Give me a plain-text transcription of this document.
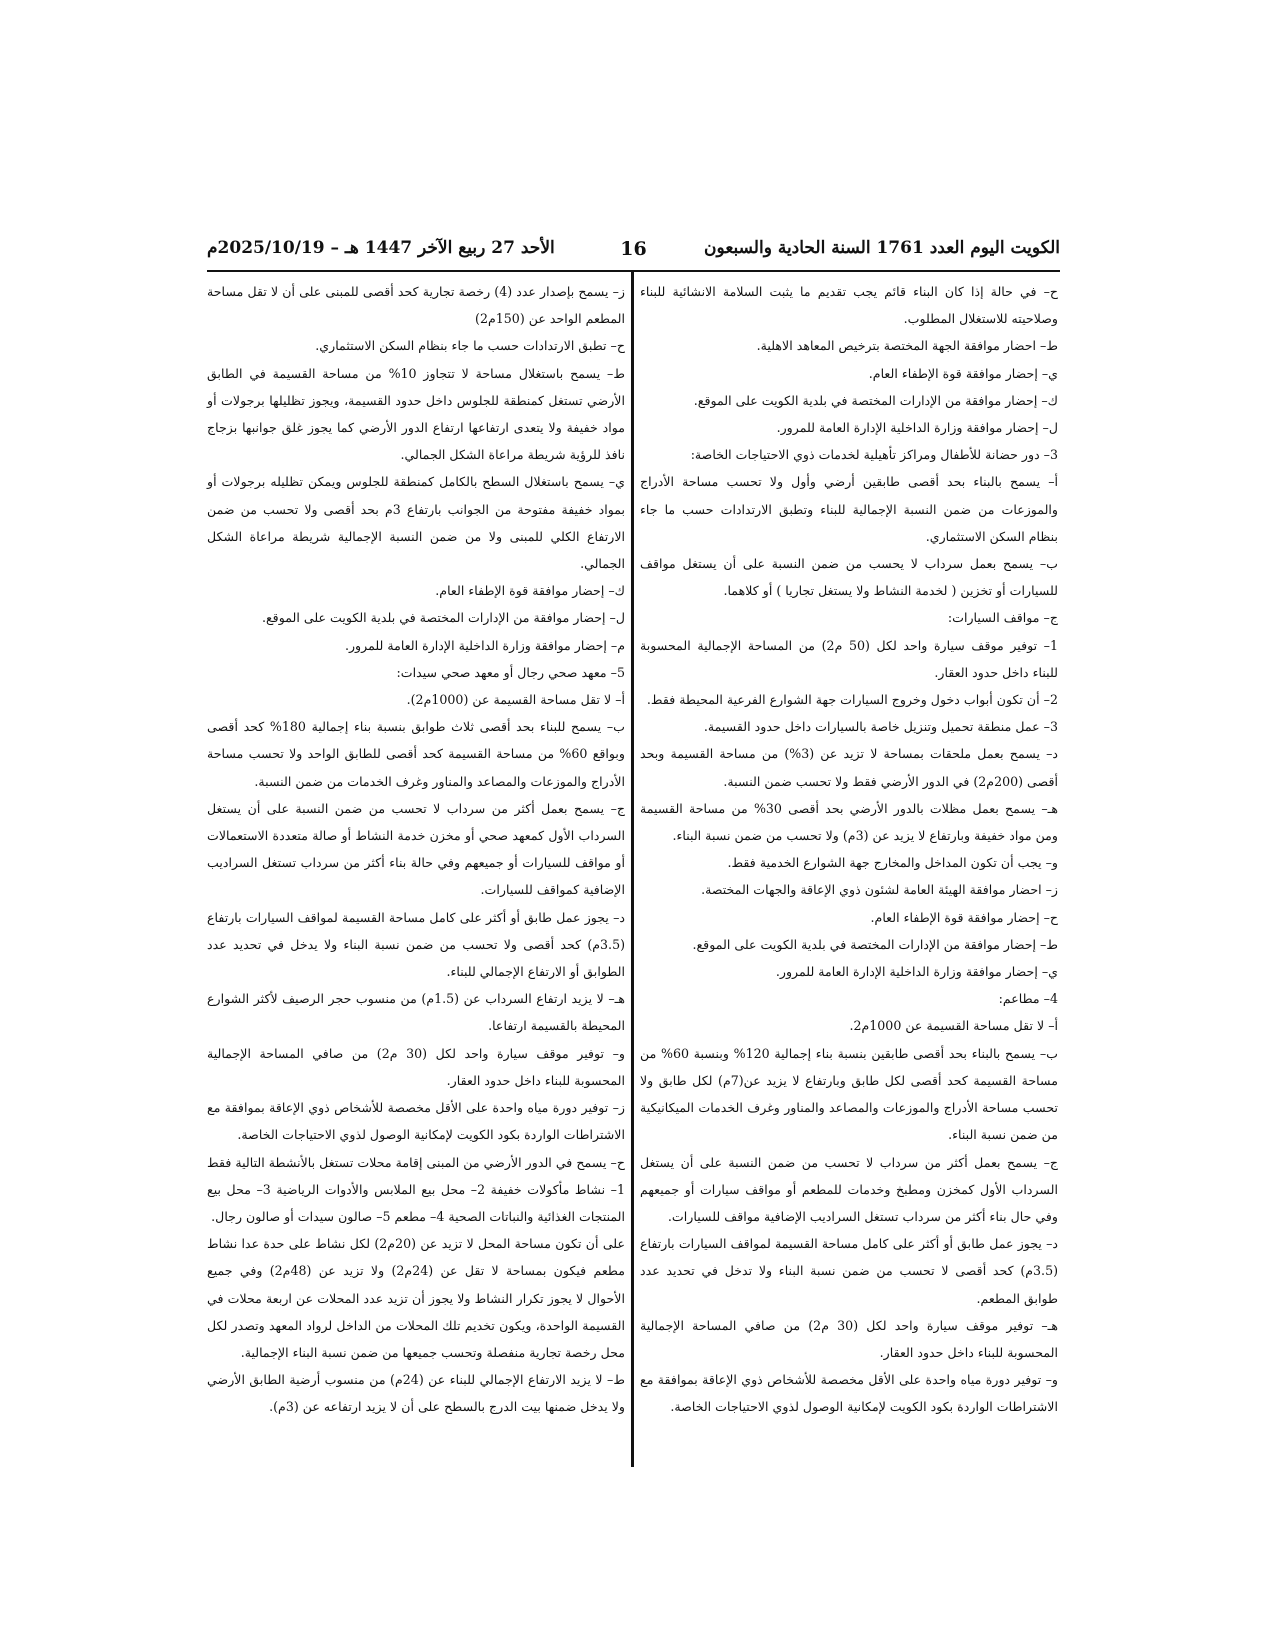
الكويت اليوم العدد 1761 السنة الحادية والسبعون
16
الأحد 27 ربيع الآخر 1447 هـ – 2025/10/19م

ح– في حالة إذا كان البناء قائم يجب تقديم ما يثبت السلامة الانشائية للبناء وصلاحيته للاستغلال المطلوب.

ط– احضار موافقة الجهة المختصة بترخيص المعاهد الاهلية.

ي– إحضار موافقة قوة الإطفاء العام.

ك– إحضار موافقة من الإدارات المختصة في بلدية الكويت على الموقع.

ل– إحضار موافقة وزارة الداخلية الإدارة العامة للمرور.

3– دور حضانة للأطفال ومراكز تأهيلية لخدمات ذوي الاحتياجات الخاصة:

أ– يسمح بالبناء بحد أقصى طابقين أرضي وأول ولا تحسب مساحة الأدراج والموزعات من ضمن النسبة الإجمالية للبناء وتطبق الارتدادات حسب ما جاء بنظام السكن الاستثماري.

ب– يسمح بعمل سرداب لا يحسب من ضمن النسبة على أن يستغل مواقف للسيارات أو تخزين ( لخدمة النشاط ولا يستغل تجاريا ) أو كلاهما.

ج– مواقف السيارات:

1– توفير موقف سيارة واحد لكل (50 م2) من المساحة الإجمالية المحسوبة للبناء داخل حدود العقار.

2– أن تكون أبواب دخول وخروج السيارات جهة الشوارع الفرعية المحيطة فقط.

3– عمل منطقة تحميل وتنزيل خاصة بالسيارات داخل حدود القسيمة.

د– يسمح بعمل ملحقات بمساحة لا تزيد عن (3%) من مساحة القسيمة وبحد أقصى (200م2) في الدور الأرضي فقط ولا تحسب ضمن النسبة.

هـ– يسمح بعمل مظلات بالدور الأرضي بحد أقصى 30% من مساحة القسيمة ومن مواد خفيفة وبارتفاع لا يزيد عن (3م) ولا تحسب من ضمن نسبة البناء.

و– يجب أن تكون المداخل والمخارج جهة الشوارع الخدمية فقط.

ز– احضار موافقة الهيئة العامة لشئون ذوي الإعاقة والجهات المختصة.

ح– إحضار موافقة قوة الإطفاء العام.

ط– إحضار موافقة من الإدارات المختصة في بلدية الكويت على الموقع.

ي– إحضار موافقة وزارة الداخلية الإدارة العامة للمرور.

4– مطاعم:

أ– لا تقل مساحة القسيمة عن 1000م2.

ب– يسمح بالبناء بحد أقصى طابقين بنسبة بناء إجمالية 120% وبنسبة 60% من مساحة القسيمة كحد أقصى لكل طابق وبارتفاع لا يزيد عن(7م) لكل طابق ولا تحسب مساحة الأدراج والموزعات والمصاعد والمناور وغرف الخدمات الميكانيكية من ضمن نسبة البناء.

ج– يسمح بعمل أكثر من سرداب لا تحسب من ضمن النسبة على أن يستغل السرداب الأول كمخزن ومطبخ وخدمات للمطعم أو مواقف سيارات أو جميعهم وفي حال بناء أكثر من سرداب تستغل السراديب الإضافية مواقف للسيارات.

د– يجوز عمل طابق أو أكثر على كامل مساحة القسيمة لمواقف السيارات بارتفاع (3.5م) كحد أقصى لا تحسب من ضمن نسبة البناء ولا تدخل في تحديد عدد طوابق المطعم.

هـ– توفير موقف سيارة واحد لكل (30 م2) من صافي المساحة الإجمالية المحسوبة للبناء داخل حدود العقار.

و– توفير دورة مياه واحدة على الأقل مخصصة للأشخاص ذوي الإعاقة بموافقة مع الاشتراطات الواردة بكود الكويت لإمكانية الوصول لذوي الاحتياجات الخاصة.

ز– يسمح بإصدار عدد (4) رخصة تجارية كحد أقصى للمبنى على أن لا تقل مساحة المطعم الواحد عن (150م2)

ح– تطبق الارتدادات حسب ما جاء بنظام السكن الاستثماري.

ط– يسمح باستغلال مساحة لا تتجاوز 10% من مساحة القسيمة في الطابق الأرضي تستغل كمنطقة للجلوس داخل حدود القسيمة، ويجوز تظليلها برجولات أو مواد خفيفة ولا يتعدى ارتفاعها ارتفاع الدور الأرضي كما يجوز غلق جوانبها بزجاج نافذ للرؤية شريطة مراعاة الشكل الجمالي.

ي– يسمح باستغلال السطح بالكامل كمنطقة للجلوس ويمكن تظليله برجولات أو بمواد خفيفة مفتوحة من الجوانب بارتفاع 3م بحد أقصى ولا تحسب من ضمن الارتفاع الكلي للمبنى ولا من ضمن النسبة الإجمالية شريطة مراعاة الشكل الجمالي.

ك– إحضار موافقة قوة الإطفاء العام.

ل– إحضار موافقة من الإدارات المختصة في بلدية الكويت على الموقع.

م– إحضار موافقة وزارة الداخلية الإدارة العامة للمرور.

5– معهد صحي رجال أو معهد صحي سيدات:

أ– لا تقل مساحة القسيمة عن (1000م2).

ب– يسمح للبناء بحد أقصى ثلاث طوابق بنسبة بناء إجمالية 180% كحد أقصى وبواقع 60% من مساحة القسيمة كحد أقصى للطابق الواحد ولا تحسب مساحة الأدراج والموزعات والمصاعد والمناور وغرف الخدمات من ضمن النسبة.

ج– يسمح بعمل أكثر من سرداب لا تحسب من ضمن النسبة على أن يستغل السرداب الأول كمعهد صحي أو مخزن خدمة النشاط أو صالة متعددة الاستعمالات أو مواقف للسيارات أو جميعهم وفي حالة بناء أكثر من سرداب تستغل السراديب الإضافية كمواقف للسيارات.

د– يجوز عمل طابق أو أكثر على كامل مساحة القسيمة لمواقف السيارات بارتفاع (3.5م) كحد أقصى ولا تحسب من ضمن نسبة البناء ولا يدخل في تحديد عدد الطوابق أو الارتفاع الإجمالي للبناء.

هـ– لا يزيد ارتفاع السرداب عن (1.5م) من منسوب حجر الرصيف لأكثر الشوارع المحيطة بالقسيمة ارتفاعا.

و– توفير موقف سيارة واحد لكل (30 م2) من صافي المساحة الإجمالية المحسوبة للبناء داخل حدود العقار.

ز– توفير دورة مياه واحدة على الأقل مخصصة للأشخاص ذوي الإعاقة بموافقة مع الاشتراطات الواردة بكود الكويت لإمكانية الوصول لذوي الاحتياجات الخاصة.

ح– يسمح في الدور الأرضي من المبنى إقامة محلات تستغل بالأنشطة التالية فقط 1– نشاط مأكولات خفيفة 2– محل بيع الملابس والأدوات الرياضية 3– محل بيع المنتجات الغذائية والنباتات الصحية 4– مطعم 5– صالون سيدات أو صالون رجال.

على أن تكون مساحة المحل لا تزيد عن (20م2) لكل نشاط على حدة عدا نشاط مطعم فيكون بمساحة لا تقل عن (24م2) ولا تزيد عن (48م2) وفي جميع الأحوال لا يجوز تكرار النشاط ولا يجوز أن تزيد عدد المحلات عن اربعة محلات في القسيمة الواحدة، ويكون تخديم تلك المحلات من الداخل لرواد المعهد وتصدر لكل محل رخصة تجارية منفصلة وتحسب جميعها من ضمن نسبة البناء الإجمالية.

ط– لا يزيد الارتفاع الإجمالي للبناء عن (24م) من منسوب أرضية الطابق الأرضي ولا يدخل ضمنها بيت الدرج بالسطح على أن لا يزيد ارتفاعه عن (3م).
